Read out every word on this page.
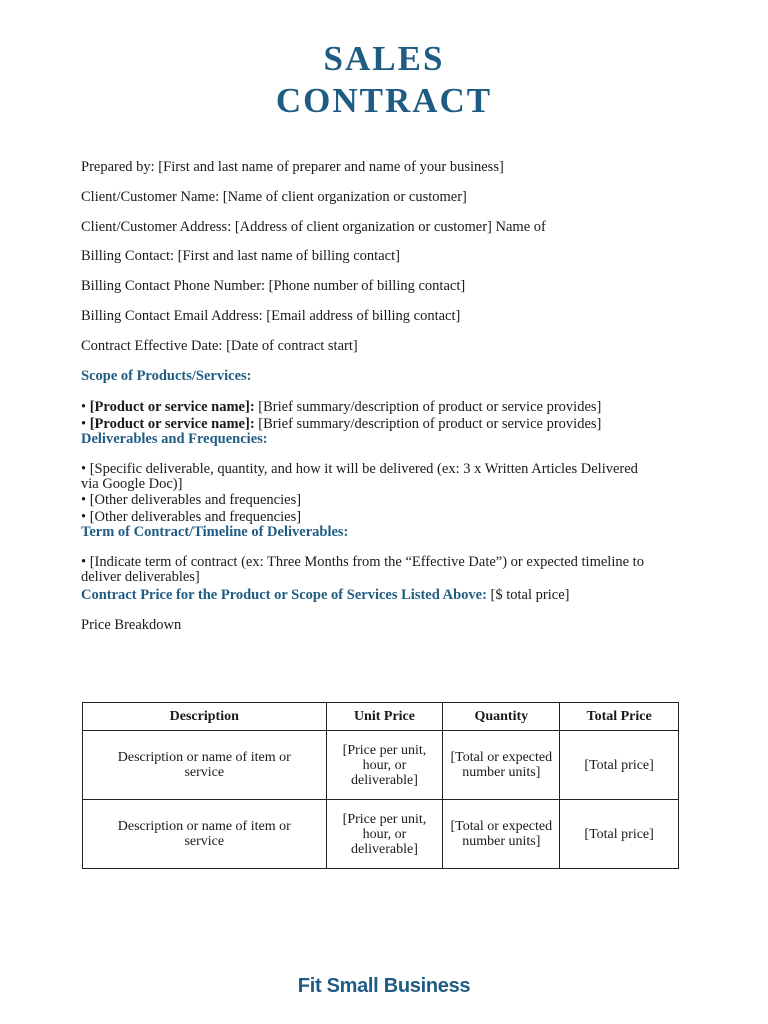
SALES
CONTRACT
Prepared by: [First and last name of preparer and name of your business]
Client/Customer Name: [Name of client organization or customer]
Client/Customer Address: [Address of client organization or customer] Name of
Billing Contact: [First and last name of billing contact]
Billing Contact Phone Number: [Phone number of billing contact]
Billing Contact Email Address: [Email address of billing contact]
Contract Effective Date: [Date of contract start]
Scope of Products/Services:
• [Product or service name]: [Brief summary/description of product or service provides]
• [Product or service name]: [Brief summary/description of product or service provides]
Deliverables and Frequencies:
• [Specific deliverable, quantity, and how it will be delivered (ex: 3 x Written Articles Delivered via Google Doc)]
• [Other deliverables and frequencies]
• [Other deliverables and frequencies]
Term of Contract/Timeline of Deliverables:
• [Indicate term of contract (ex: Three Months from the “Effective Date”) or expected timeline to deliver deliverables]
Contract Price for the Product or Scope of Services Listed Above: [$ total price]
Price Breakdown
Description	Unit Price	Quantity	Total Price
Description or name of item or service	[Price per unit, hour, or deliverable]	[Total or expected number units]	[Total price]
Description or name of item or service	[Price per unit, hour, or deliverable]	[Total or expected number units]	[Total price]
Fit Small Business
